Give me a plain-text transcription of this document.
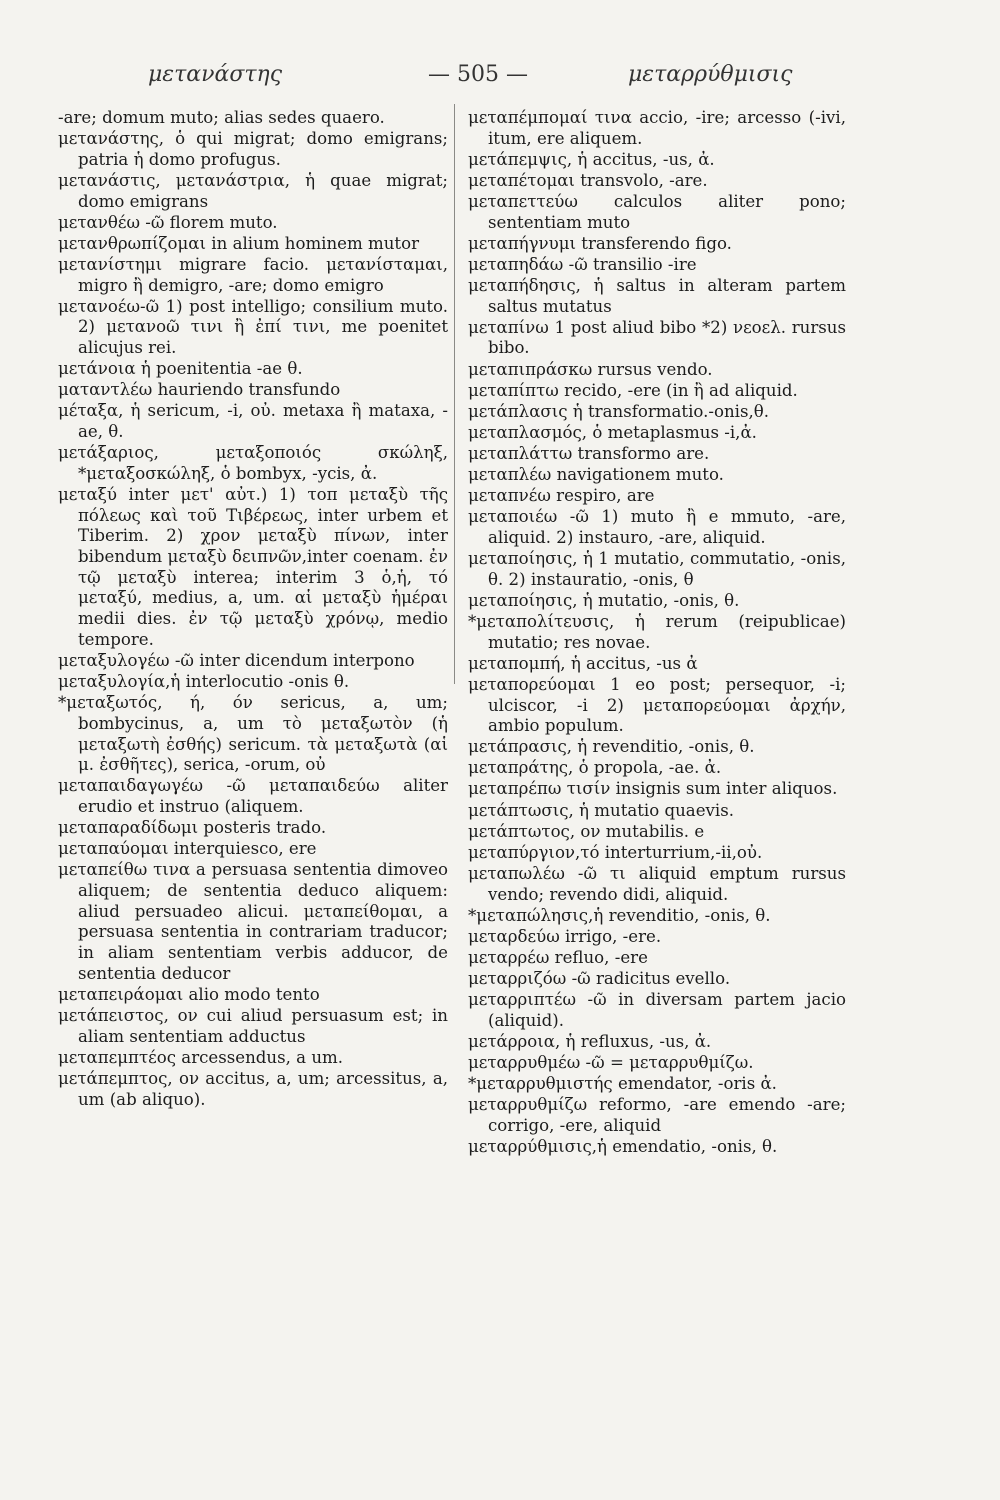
μετανάστης	— 505 —	μεταρρύθμισις

-are; domum muto; alias sedes quaero.

μετανάστης, ὁ qui migrat; domo emigrans; patria ἡ domo profugus.

μετανάστις, μετανάστρια, ἡ quae migrat; domo emigrans

μετανθέω -ῶ florem muto.

μετανθρωπίζομαι in alium hominem mutor

μετανίστημι migrare facio. μετανίσταμαι, migro ἢ demigro, -are; domo emigro

μετανοέω-ῶ 1) post intelligo; consilium muto. 2) μετανοῶ τινι ἢ ἐπί τινι, me poenitet alicujus rei.

μετάνοια ἡ poenitentia -ae θ.

ματαντλέω hauriendo transfundo

μέταξα, ἡ sericum, -i, οὐ. metaxa ἢ mataxa, -ae, θ.

μετάξαριος, μεταξοποιός σκώληξ, *μεταξοσκώληξ, ὁ bombyx, -ycis, ἀ.

μεταξύ inter μετ' αὐτ.) 1) τοπ μεταξὺ τῆς πόλεως καὶ τοῦ Τιβέρεως, inter urbem et Tiberim. 2) χρον μεταξὺ πίνων, inter bibendum μεταξὺ δειπνῶν,inter coenam. ἐν τῷ μεταξὺ interea; interim 3 ὁ,ἡ, τό μεταξύ, medius, a, um. αἱ μεταξὺ ἡμέραι medii dies. ἐν τῷ μεταξὺ χρόνῳ, medio tempore.

μεταξυλογέω -ῶ inter dicendum interpono

μεταξυλογία,ἡ interlocutio -onis θ.

*μεταξωτός, ή, όν sericus, a, um; bombycinus, a, um τὸ μεταξωτὸν (ἡ μεταξωτὴ ἐσθής) sericum. τὰ μεταξωτὰ (αἱ μ. ἐσθῆτες), serica, -orum, οὐ

μεταπαιδαγωγέω -ῶ μεταπαιδεύω aliter erudio et instruo (aliquem.

μεταπαραδίδωμι posteris trado.

μεταπαύομαι interquiesco, ere

μεταπείθω τινα a persuasa sententia dimoveo aliquem; de sententia deduco aliquem: aliud persuadeo alicui. μεταπείθομαι, a persuasa sententia in contrariam traducor; in aliam sententiam verbis adducor, de sententia deducor

μεταπειράομαι alio modo tento

μετάπειστος, ον cui aliud persuasum est; in aliam sententiam adductus

μεταπεμπτέος arcessendus, a um.

μετάπεμπτος, ον accitus, a, um; arcessitus, a, um (ab aliquo).

μεταπέμπομαί τινα accio, -ire; arcesso (-ivi, itum, ere aliquem.

μετάπεμψις, ἡ accitus, -us, ἀ.

μεταπέτομαι transvolo, -are.

μεταπεττεύω calculos aliter pono; sententiam muto

μεταπήγνυμι transferendo figo.

μεταπηδάω -ῶ transilio -ire

μεταπήδησις, ἡ saltus in alteram partem saltus mutatus

μεταπίνω 1 post aliud bibo *2) νεοελ. rursus bibo.

μεταπιπράσκω rursus vendo.

μεταπίπτω recido, -ere (in ἢ ad aliquid.

μετάπλασις ἡ transformatio.-onis,θ.

μεταπλασμός, ὁ metaplasmus -i,ἀ.

μεταπλάττω transformo are.

μεταπλέω navigationem muto.

μεταπνέω respiro, are

μεταποιέω -ῶ 1) muto ἢ e mmuto, -are, aliquid. 2) instauro, -are, aliquid.

μεταποίησις, ἡ 1 mutatio, commutatio, -onis, θ. 2) instauratio, -onis, θ

μεταποίησις, ἡ mutatio, -onis, θ.

*μεταπολίτευσις, ἡ rerum (reipublicae) mutatio; res novae.

μεταπομπή, ἡ accitus, -us ἀ

μεταπορεύομαι 1 eo post; persequor, -i; ulciscor, -i 2) μεταπορεύομαι ἀρχήν, ambio populum.

μετάπρασις, ἡ revenditio, -onis, θ.

μεταπράτης, ὁ propola, -ae. ἀ.

μεταπρέπω τισίν insignis sum inter aliquos.

μετάπτωσις, ἡ mutatio quaevis.

μετάπτωτος, ον mutabilis. e

μεταπύργιον,τό interturrium,-ii,οὐ.

μεταπωλέω -ῶ τι aliquid emptum rursus vendo; revendo didi, aliquid.

*μεταπώλησις,ἡ revenditio, -onis, θ.

μεταρδεύω irrigo, -ere.

μεταρρέω refluo, -ere

μεταρριζόω -ῶ radicitus evello.

μεταρριπτέω -ῶ in diversam partem jacio (aliquid).

μετάρροια, ἡ refluxus, -us, ἀ.

μεταρρυθμέω -ῶ = μεταρρυθμίζω.

*μεταρρυθμιστής emendator, -oris ἀ.

μεταρρυθμίζω reformo, -are emendo -are; corrigo, -ere, aliquid

μεταρρύθμισις,ἡ emendatio, -onis, θ.
